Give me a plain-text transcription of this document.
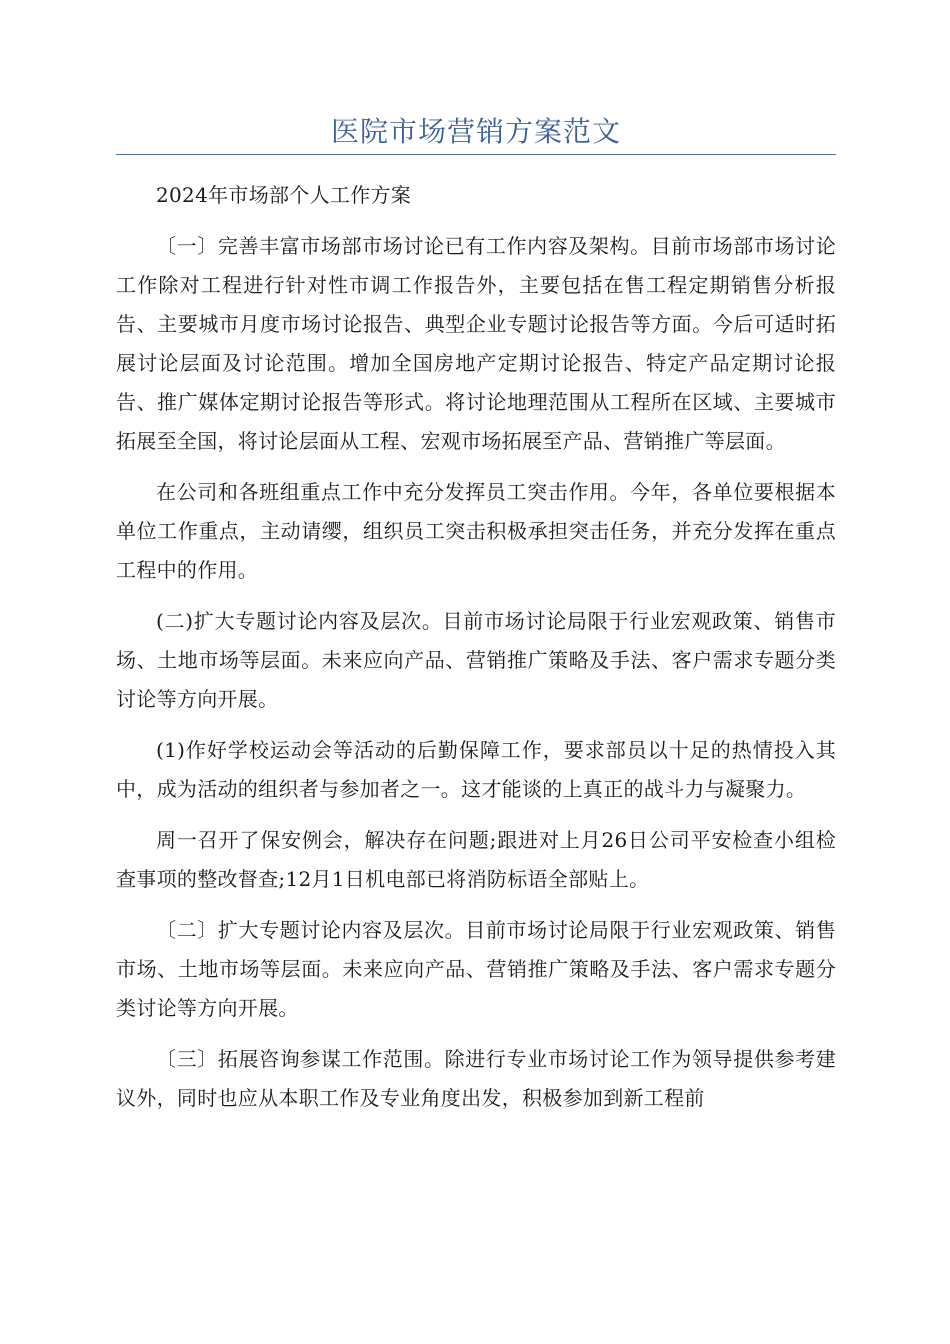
医院市场营销方案范文

2024年市场部个人工作方案

〔一〕完善丰富市场部市场讨论已有工作内容及架构。目前市场部市场讨论工作除对工程进行针对性市调工作报告外，主要包括在售工程定期销售分析报告、主要城市月度市场讨论报告、典型企业专题讨论报告等方面。今后可适时拓展讨论层面及讨论范围。增加全国房地产定期讨论报告、特定产品定期讨论报告、推广媒体定期讨论报告等形式。将讨论地理范围从工程所在区域、主要城市拓展至全国，将讨论层面从工程、宏观市场拓展至产品、营销推广等层面。

在公司和各班组重点工作中充分发挥员工突击作用。今年，各单位要根据本单位工作重点，主动请缨，组织员工突击积极承担突击任务，并充分发挥在重点工程中的作用。

(二)扩大专题讨论内容及层次。目前市场讨论局限于行业宏观政策、销售市场、土地市场等层面。未来应向产品、营销推广策略及手法、客户需求专题分类讨论等方向开展。

(1)作好学校运动会等活动的后勤保障工作，要求部员以十足的热情投入其中，成为活动的组织者与参加者之一。这才能谈的上真正的战斗力与凝聚力。

周一召开了保安例会，解决存在问题;跟进对上月26日公司平安检查小组检查事项的整改督查;12月1日机电部已将消防标语全部贴上。

〔二〕扩大专题讨论内容及层次。目前市场讨论局限于行业宏观政策、销售市场、土地市场等层面。未来应向产品、营销推广策略及手法、客户需求专题分类讨论等方向开展。

〔三〕拓展咨询参谋工作范围。除进行专业市场讨论工作为领导提供参考建议外，同时也应从本职工作及专业角度出发，积极参加到新工程前
